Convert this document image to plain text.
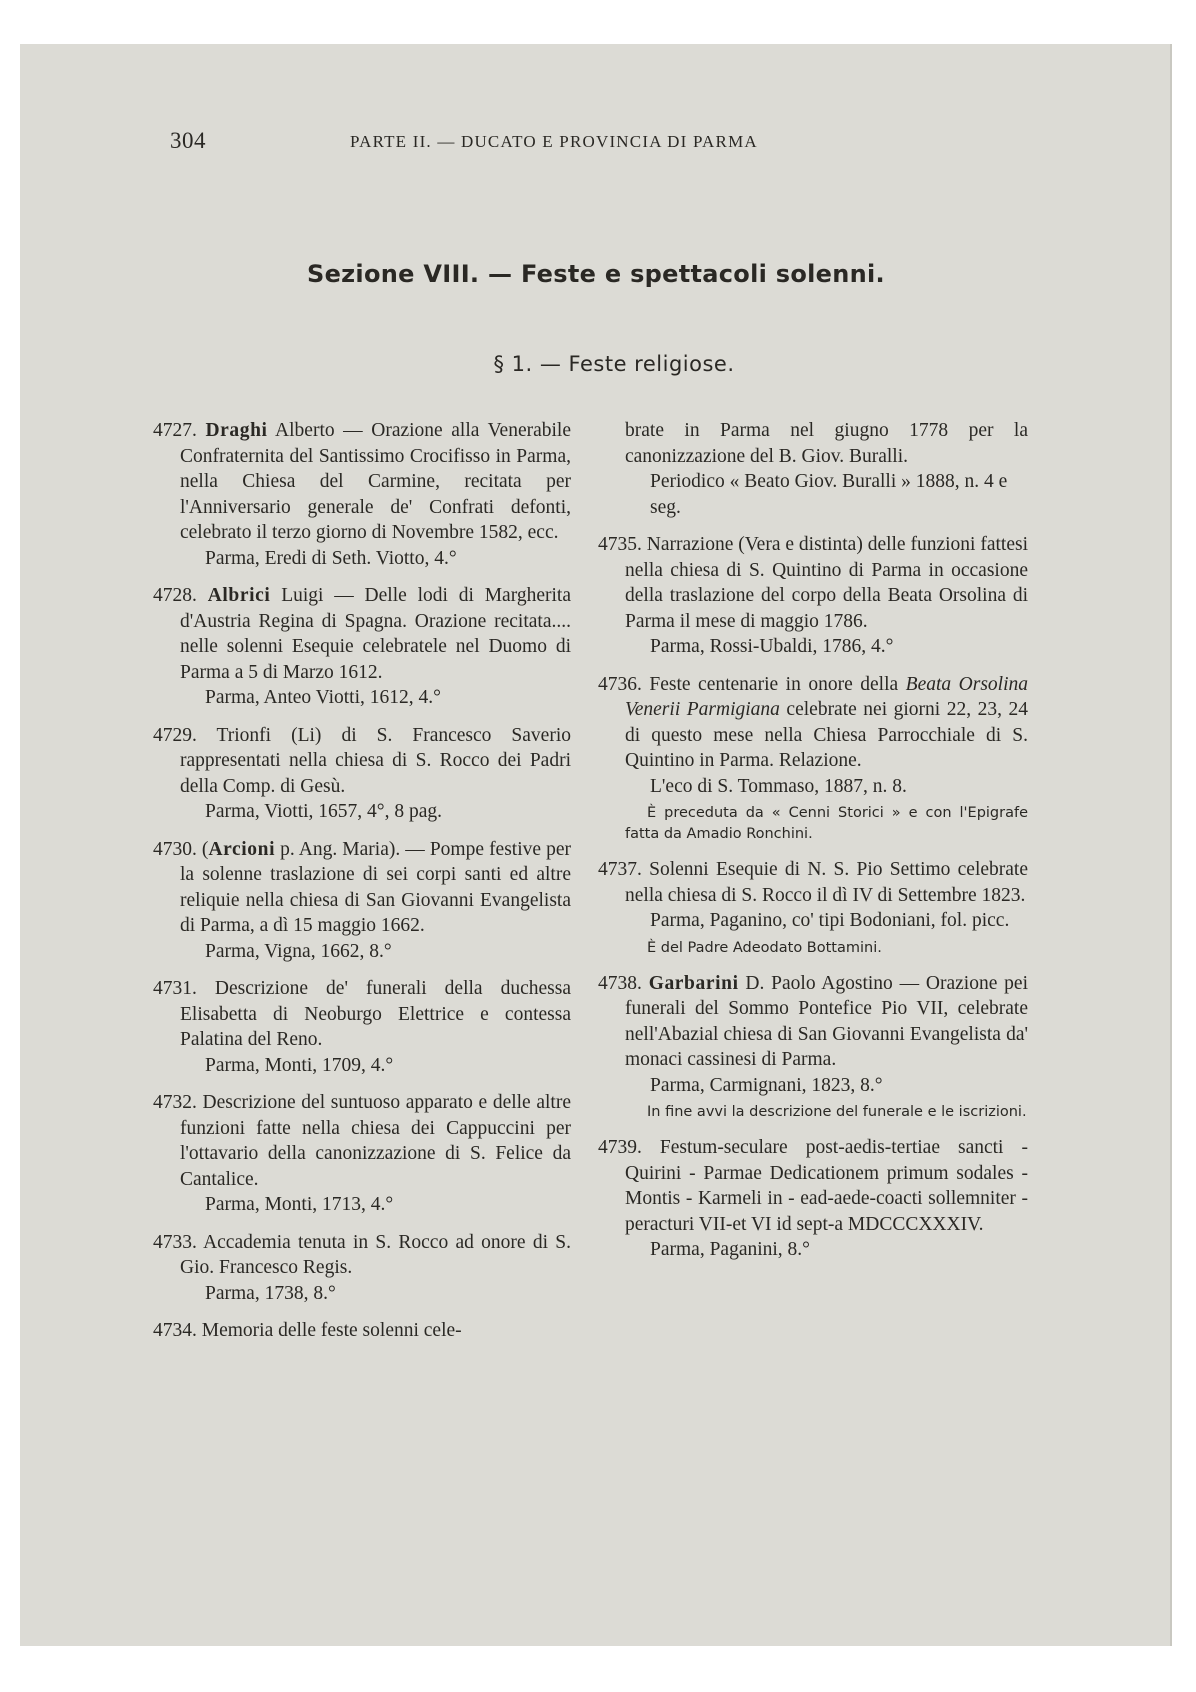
304	PARTE II. — DUCATO E PROVINCIA DI PARMA
Sezione VIII. — Feste e spettacoli solenni.
§ 1. — Feste religiose.

4727. Draghi Alberto — Orazione alla Venerabile Confraternita del Santissimo Crocifisso in Parma, nella Chiesa del Carmine, recitata per l'Anniversario generale de' Confrati defonti, celebrato il terzo giorno di Novembre 1582, ecc.

Parma, Eredi di Seth. Viotto, 4.°

4728. Albrici Luigi — Delle lodi di Margherita d'Austria Regina di Spagna. Orazione recitata.... nelle solenni Esequie celebratele nel Duomo di Parma a 5 di Marzo 1612.

Parma, Anteo Viotti, 1612, 4.°

4729. Trionfi (Li) di S. Francesco Saverio rappresentati nella chiesa di S. Rocco dei Padri della Comp. di Gesù.

Parma, Viotti, 1657, 4°, 8 pag.

4730. (Arcioni p. Ang. Maria). — Pompe festive per la solenne traslazione di sei corpi santi ed altre reliquie nella chiesa di San Giovanni Evangelista di Parma, a dì 15 maggio 1662.

Parma, Vigna, 1662, 8.°

4731. Descrizione de' funerali della duchessa Elisabetta di Neoburgo Elettrice e contessa Palatina del Reno.

Parma, Monti, 1709, 4.°

4732. Descrizione del suntuoso apparato e delle altre funzioni fatte nella chiesa dei Cappuccini per l'ottavario della canonizzazione di S. Felice da Cantalice.

Parma, Monti, 1713, 4.°

4733. Accademia tenuta in S. Rocco ad onore di S. Gio. Francesco Regis.

Parma, 1738, 8.°

4734. Memoria delle feste solenni cele-

brate in Parma nel giugno 1778 per la canonizzazione del B. Giov. Buralli.

Periodico « Beato Giov. Buralli » 1888, n. 4 e seg.

4735. Narrazione (Vera e distinta) delle funzioni fattesi nella chiesa di S. Quintino di Parma in occasione della traslazione del corpo della Beata Orsolina di Parma il mese di maggio 1786.

Parma, Rossi-Ubaldi, 1786, 4.°

4736. Feste centenarie in onore della Beata Orsolina Venerii Parmigiana celebrate nei giorni 22, 23, 24 di questo mese nella Chiesa Parrocchiale di S. Quintino in Parma. Relazione.

L'eco di S. Tommaso, 1887, n. 8.

È preceduta da « Cenni Storici » e con l'Epigrafe fatta da Amadio Ronchini.

4737. Solenni Esequie di N. S. Pio Settimo celebrate nella chiesa di S. Rocco il dì IV di Settembre 1823.

Parma, Paganino, co' tipi Bodoniani, fol. picc.

È del Padre Adeodato Bottamini.

4738. Garbarini D. Paolo Agostino — Orazione pei funerali del Sommo Pontefice Pio VII, celebrate nell'Abazial chiesa di San Giovanni Evangelista da' monaci cassinesi di Parma.

Parma, Carmignani, 1823, 8.°

In fine avvi la descrizione del funerale e le iscrizioni.

4739. Festum-seculare post-aedis-tertiae sancti - Quirini - Parmae Dedicationem primum sodales - Montis - Karmeli in - ead-aede-coacti sollemniter - peracturi VII-et VI id sept-a MDCCCXXXIV.

Parma, Paganini, 8.°
